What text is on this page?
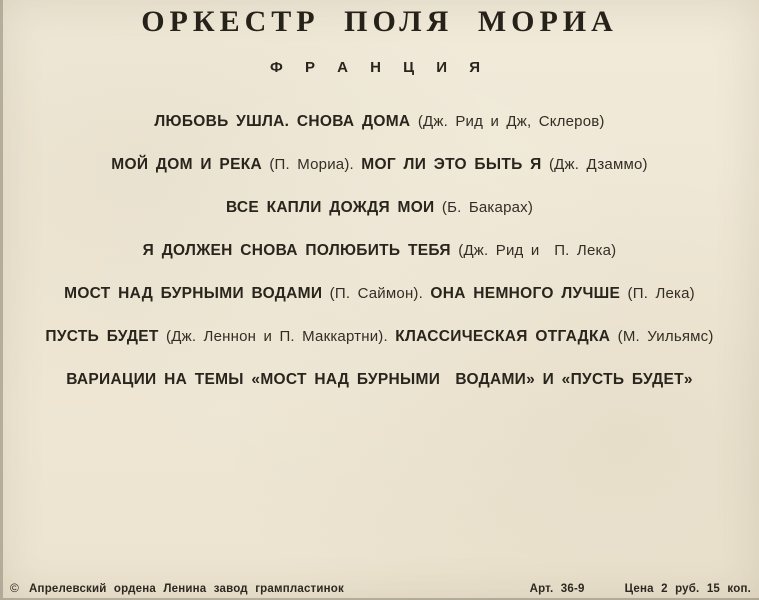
ОРКЕСТР ПОЛЯ МОРИА
Ф Р А Н Ц И Я
ЛЮБОВЬ УШЛА. СНОВА ДОМА (Дж. Рид и Дж, Склеров)
МОЙ ДОМ И РЕКА (П. Мориа). МОГ ЛИ ЭТО БЫТЬ Я (Дж. Дзаммо)
ВСЕ КАПЛИ ДОЖДЯ МОИ (Б. Бакарах)
Я ДОЛЖЕН СНОВА ПОЛЮБИТЬ ТЕБЯ (Дж. Рид и  П. Лека)
МОСТ НАД БУРНЫМИ ВОДАМИ (П. Саймон). ОНА НЕМНОГО ЛУЧШЕ (П. Лека)
ПУСТЬ БУДЕТ (Дж. Леннон и П. Маккартни). КЛАССИЧЕСКАЯ ОТГАДКА (М. Уильямс)
ВАРИАЦИИ НА ТЕМЫ «МОСТ НАД БУРНЫМИ  ВОДАМИ» И «ПУСТЬ БУДЕТ»
© Апрелевский ордена Ленина завод грампластинок	Арт. 36-9	Цена 2 руб. 15 коп.
